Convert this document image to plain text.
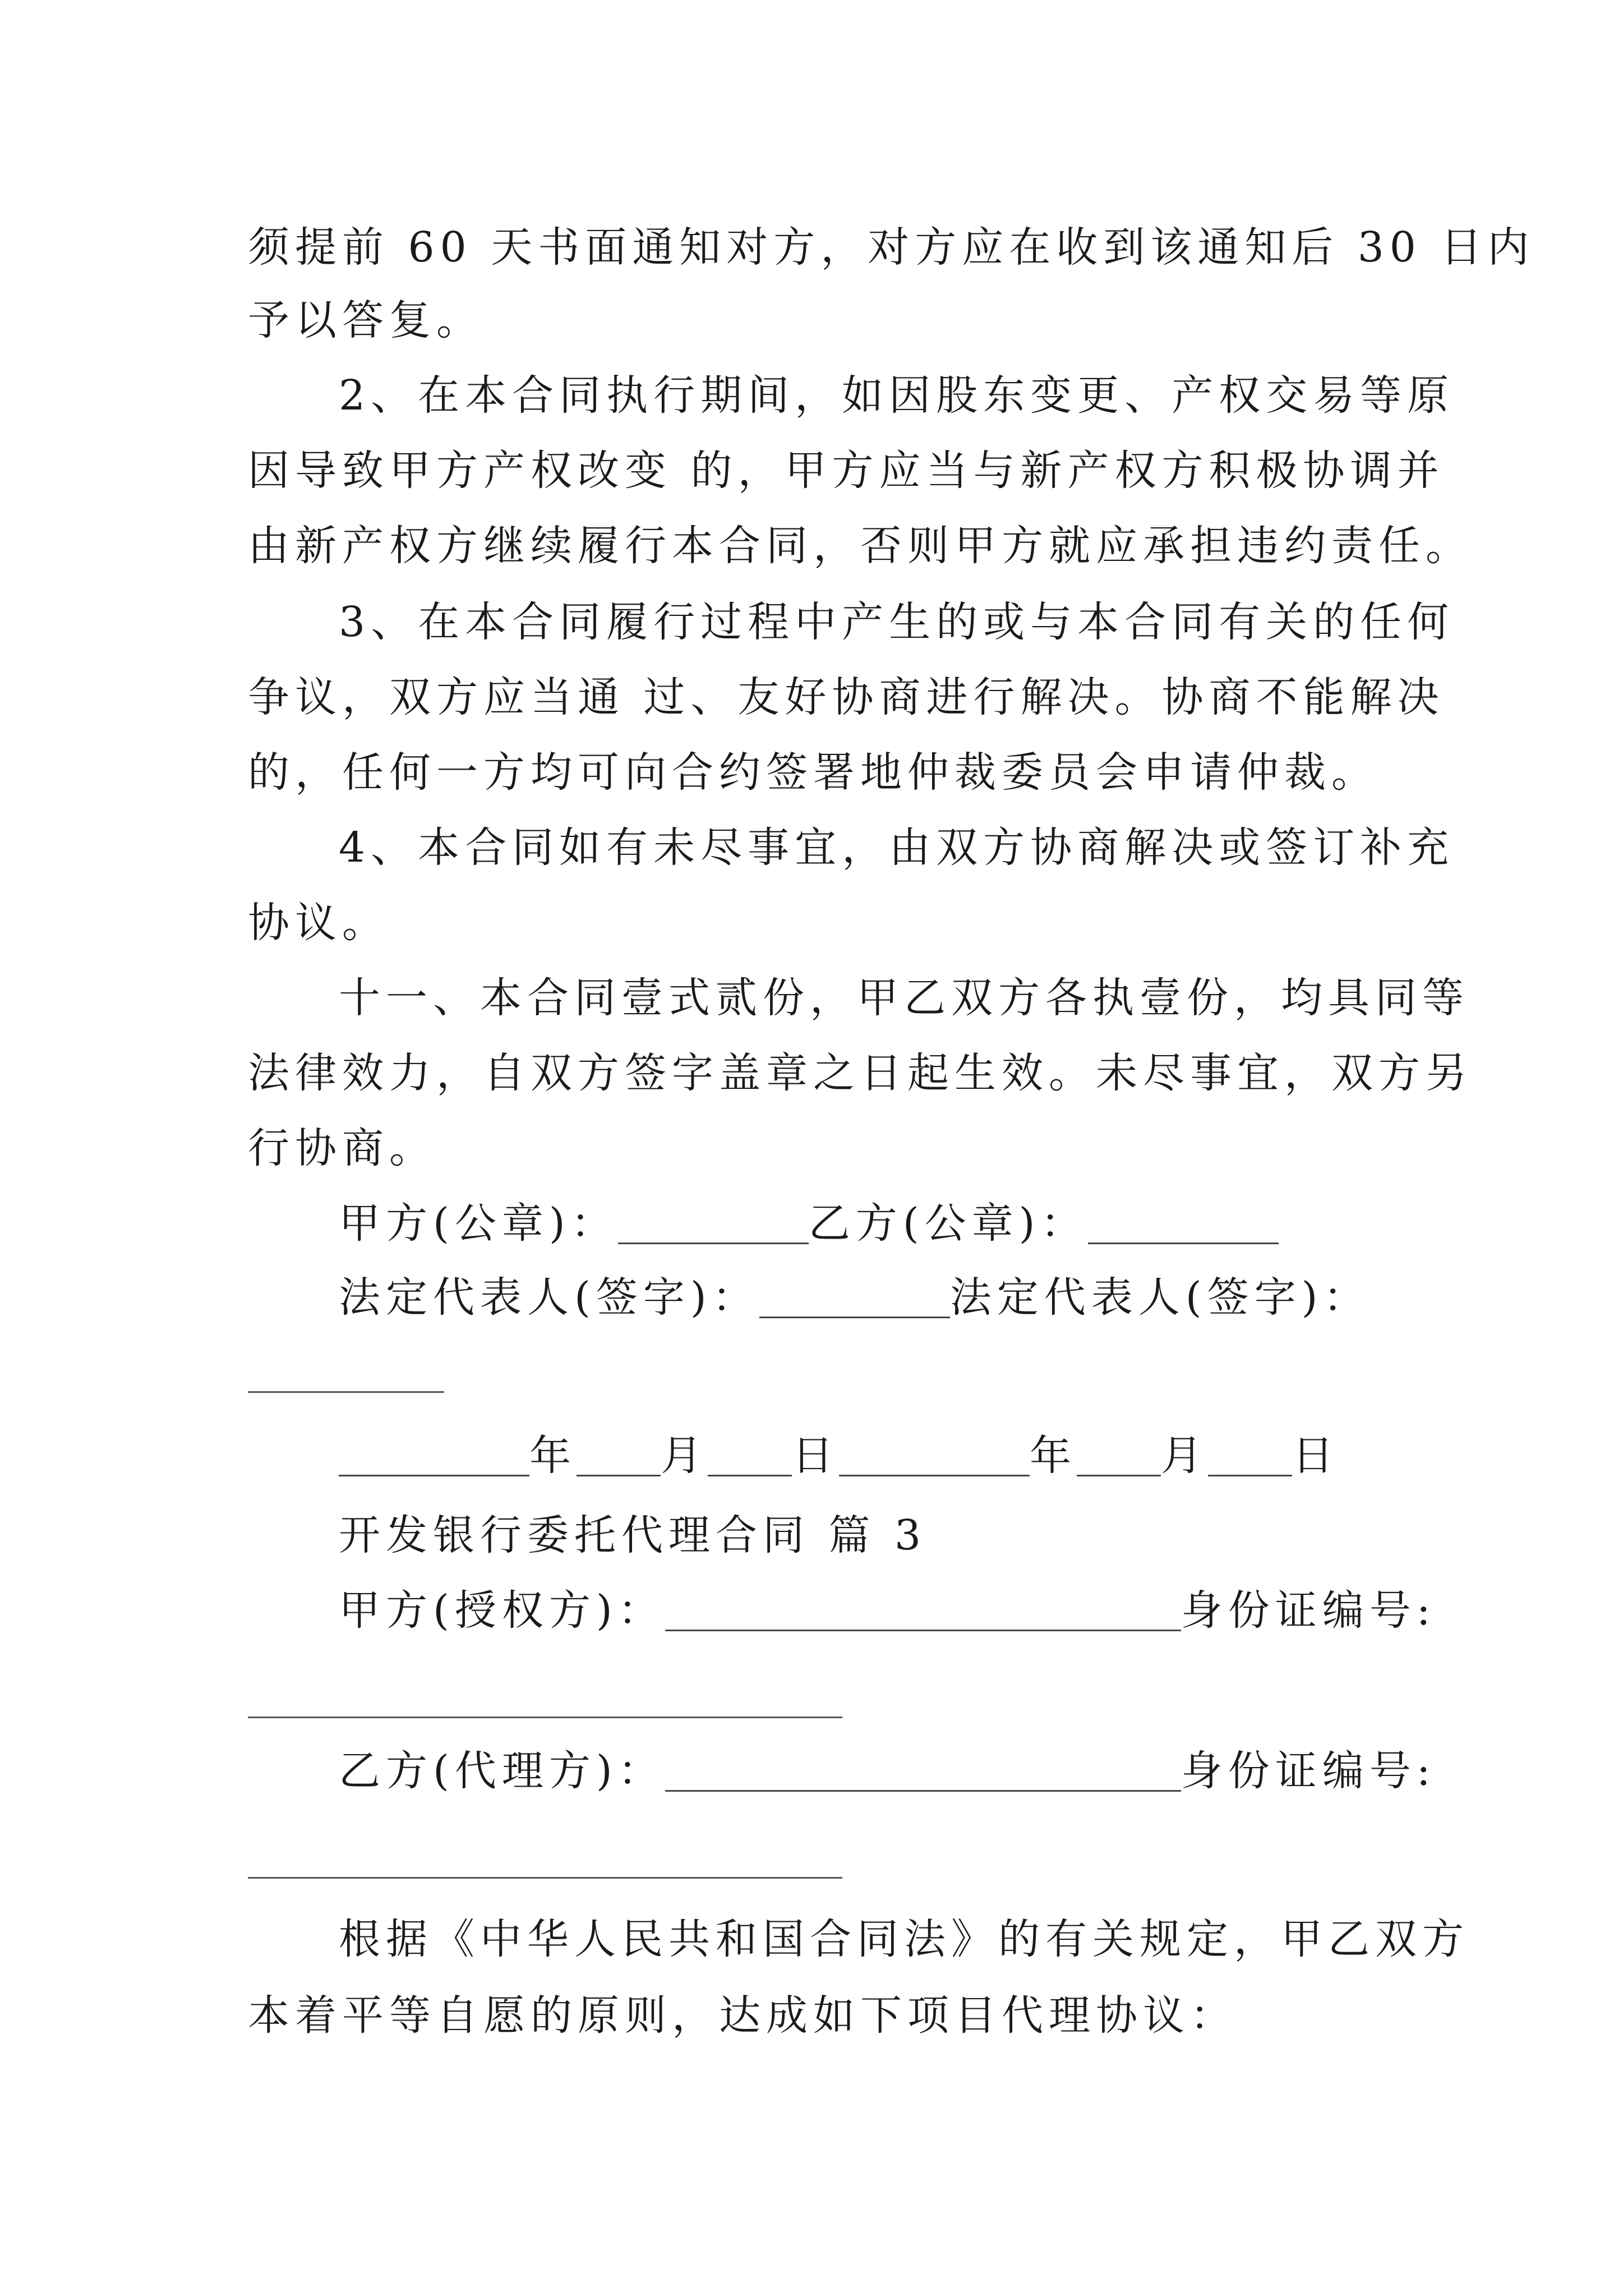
须提前 60 天书面通知对方，对方应在收到该通知后 30 日内
予以答复。
2、在本合同执行期间，如因股东变更、产权交易等原
因导致甲方产权改变 的，甲方应当与新产权方积极协调并
由新产权方继续履行本合同，否则甲方就应承担违约责任。
3、在本合同履行过程中产生的或与本合同有关的任何
争议，双方应当通 过、友好协商进行解决。协商不能解决
的，任何一方均可向合约签署地仲裁委员会申请仲裁。
4、本合同如有未尽事宜，由双方协商解决或签订补充
协议。
十一、本合同壹式贰份，甲乙双方各执壹份，均具同等
法律效力，自双方签字盖章之日起生效。未尽事宜，双方另
行协商。
甲方(公章)：	乙方(公章)：
法定代表人(签字)：	法定代表人(签字)：
年 月 日	年 月 日
开发银行委托代理合同 篇 3
甲方(授权方)：	身份证编号:
乙方(代理方)：	身份证编号:
根据《中华人民共和国合同法》的有关规定，甲乙双方
本着平等自愿的原则，达成如下项目代理协议：
